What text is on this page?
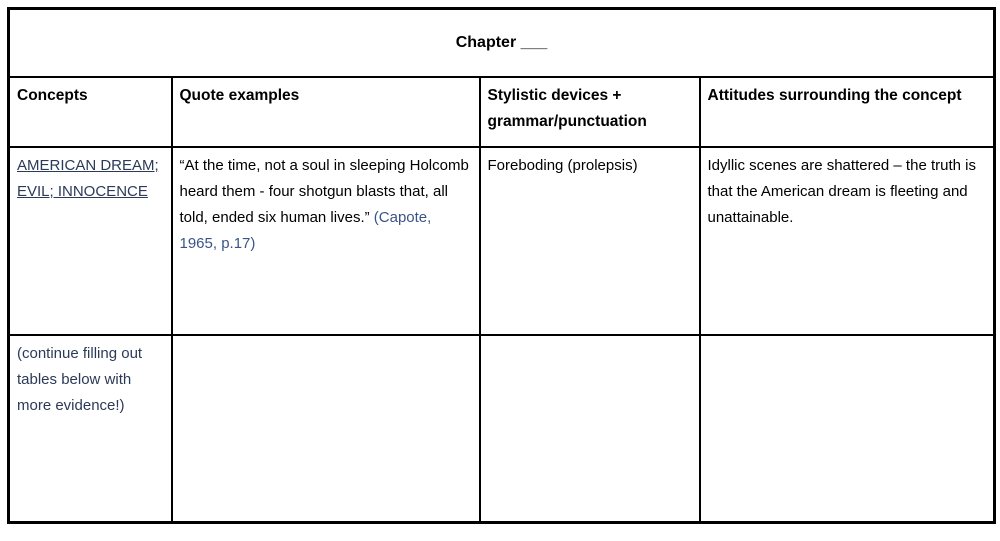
Chapter ___			
Concepts	Quote examples	Stylistic devices + grammar/punctuation	Attitudes surrounding the concept
AMERICAN DREAM; EVIL; INNOCENCE	“At the time, not a soul in sleeping Holcomb heard them - four shotgun blasts that, all told, ended six human lives.” (Capote, 1965, p.17)	Foreboding (prolepsis)	Idyllic scenes are shattered – the truth is that the American dream is fleeting and unattainable.
(continue filling out tables below with more evidence!)			
